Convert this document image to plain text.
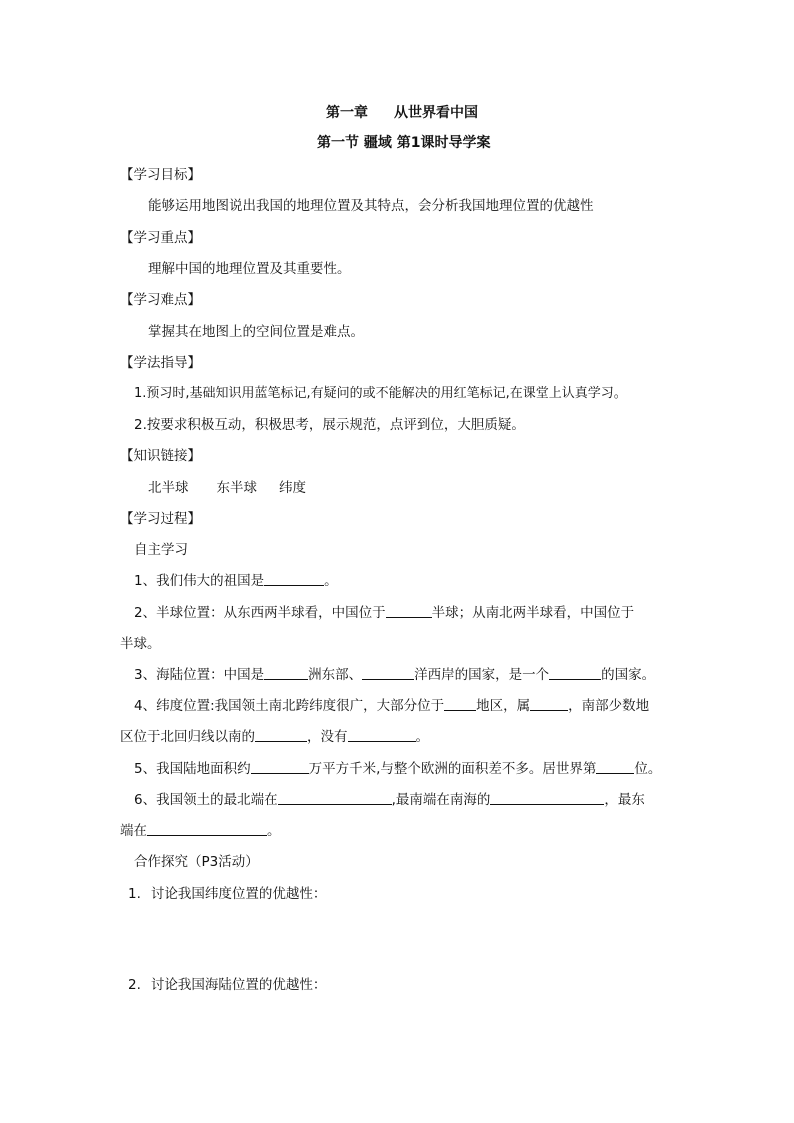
第一章 从世界看中国
第一节 疆域 第1课时导学案
【学习目标】
能够运用地图说出我国的地理位置及其特点，会分析我国地理位置的优越性
【学习重点】
理解中国的地理位置及其重要性。
【学习难点】
掌握其在地图上的空间位置是难点。
【学法指导】
1.预习时,基础知识用蓝笔标记,有疑问的或不能解决的用红笔标记,在课堂上认真学习。
2.按要求积极互动，积极思考，展示规范，点评到位，大胆质疑。
【知识链接】
北半球 东半球 纬度
【学习过程】
自主学习
1、我们伟大的祖国是	。
2、半球位置：从东西两半球看，中国位于	半球；从南北两半球看，中国位于
半球。
3、海陆位置：中国是	洲东部、	洋西岸的国家，是一个	的国家。
4、纬度位置:我国领土南北跨纬度很广，大部分位于 地区，属	，南部少数地
区位于北回归线以南的	，没有	。
5、我国陆地面积约	万平方千米,与整个欧洲的面积差不多。居世界第	位。
6、我国领土的最北端在	,最南端在南海的	，最东
端在	。
合作探究（P3活动）
1. 讨论我国纬度位置的优越性：
2. 讨论我国海陆位置的优越性：
